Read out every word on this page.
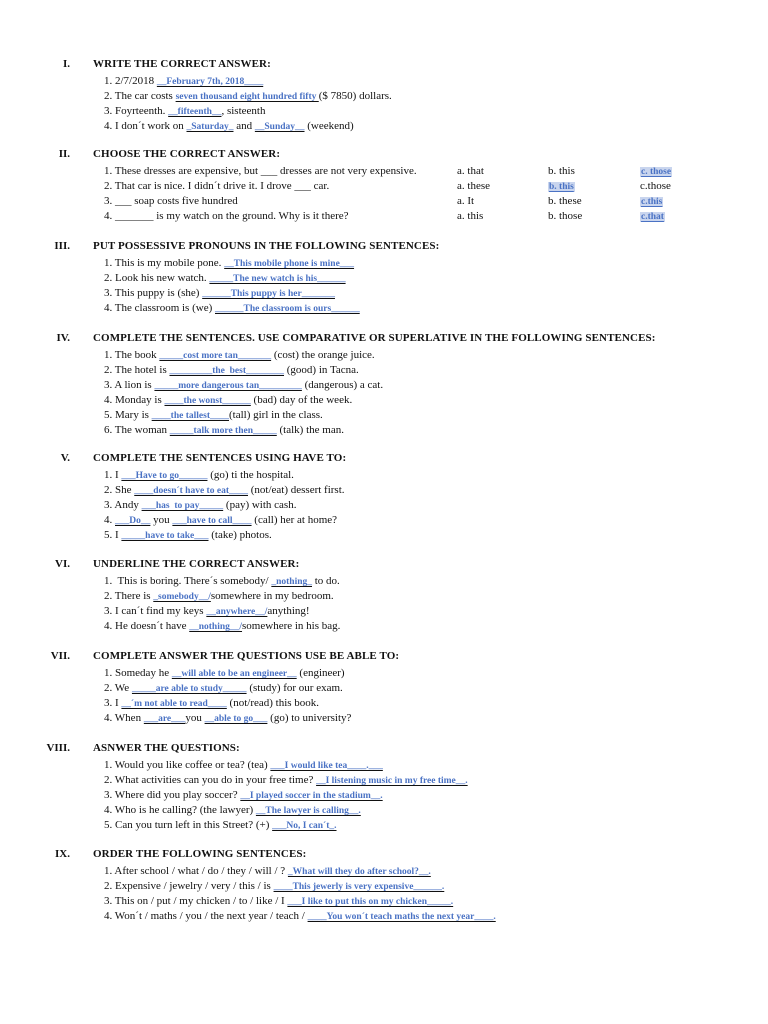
I. WRITE THE CORRECT ANSWER:
1. 2/7/2018 __February 7th, 2018____
2. The car costs seven thousand eight hundred fifty ($ 7850) dollars.
3. Foyrteenth. __fifteenth__, sisteenth
4. I don´t work on _Saturday_ and __Sunday__ (weekend)
II. CHOOSE THE CORRECT ANSWER:
1. These dresses are expensive, but ___ dresses are not very expensive.	a. that	b. this	c. those
2. That car is nice. I didn´t drive it. I drove ___ car.	a. these	b. this	c.those
3. ___ soap costs five hundred	a. It	b. these	c.this
4. _______ is my watch on the ground. Why is it there?	a. this	b. those	c.that
III. PUT POSSESSIVE PRONOUNS IN THE FOLLOWING SENTENCES:
1. This is my mobile pone. __This mobile phone is mine___
2. Look his new watch. _____The new watch is his______
3. This puppy is (she) ______This puppy is her_______
4. The classroom is (we) ______The classroom is ours______
IV. COMPLETE THE SENTENCES. USE COMPARATIVE OR SUPERLATIVE IN THE FOLLOWING SENTENCES:
1. The book _____cost more tan_______ (cost) the orange juice.
2. The hotel is _________the  best________ (good) in Tacna.
3. A lion is _____more dangerous tan_________ (dangerous) a cat.
4. Monday is ____the wonst______ (bad) day of the week.
5. Mary is ____the tallest____(tall) girl in the class.
6. The woman _____talk more then_____ (talk) the man.
V. COMPLETE THE SENTENCES USING HAVE TO:
1. I ___Have to go______ (go) ti the hospital.
2. She ____doesn´t have to eat____ (not/eat) dessert first.
3. Andy ___has  to pay_____ (pay) with cash.
4. ___Do__ you ___have to call____ (call) her at home?
5. I _____have to take___ (take) photos.
VI. UNDERLINE THE CORRECT ANSWER:
1.  This is boring. There´s somebody/ _nothing_ to do.
2. There is _somebody__/somewhere in my bedroom.
3. I can´t find my keys __anywhere__/anything!
4. He doesn´t have __nothing__/somewhere in his bag.
VII. COMPLETE ANSWER THE QUESTIONS USE BE ABLE TO:
1. Someday he __will able to be an engineer__ (engineer)
2. We _____are able to study_____ (study) for our exam.
3. I __´m not able to read____ (not/read) this book.
4. When ___are___you __able to go___ (go) to university?
VIII. ASNWER THE QUESTIONS:
1. Would you like coffee or tea? (tea) ___I would like tea____.___
2. What activities can you do in your free time? __I listening music in my free time__.
3. Where did you play soccer? __I played soccer in the stadium__.
4. Who is he calling? (the lawyer) __The lawyer is calling__.
5. Can you turn left in this Street? (+) ___No, I can´t_.
IX. ORDER THE FOLLOWING SENTENCES:
1. After school / what / do / they / will / ? _What will they do after school?__.
2. Expensive / jewelry / very / this / is ____This jewerly is very expensive______.
3. This on / put / my chicken / to / like / I ___I like to put this on my chicken_____.
4. Won´t / maths / you / the next year / teach / ____You won´t teach maths the next year____.
